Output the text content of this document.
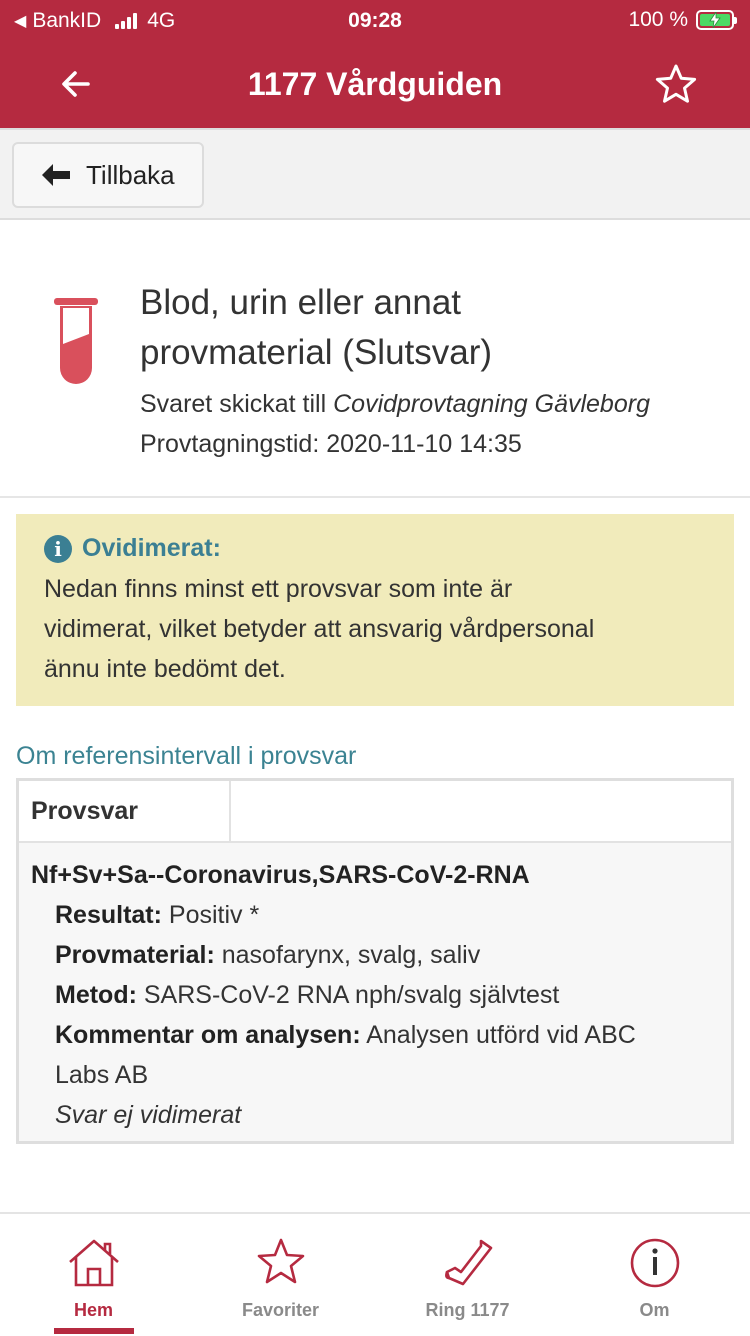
◀ BankID 4G	09:28	100 %
1177 Vårdguiden
Tillbaka
Blod, urin eller annat
provmaterial (Slutsvar)
Svaret skickat till Covidprovtagning Gävleborg
Provtagningstid: 2020-11-10 14:35
i Ovidimerat:
Nedan finns minst ett provsvar som inte är
vidimerat, vilket betyder att ansvarig vårdpersonal
ännu inte bedömt det.
Om referensintervall i provsvar
Provsvar
Nf+Sv+Sa--Coronavirus,SARS-CoV-2-RNA
Resultat: Positiv *
Provmaterial: nasofarynx, svalg, saliv
Metod: SARS-CoV-2 RNA nph/svalg självtest
Kommentar om analysen: Analysen utförd vid ABC
Labs AB
Svar ej vidimerat
Hem	Favoriter	Ring 1177	Om
